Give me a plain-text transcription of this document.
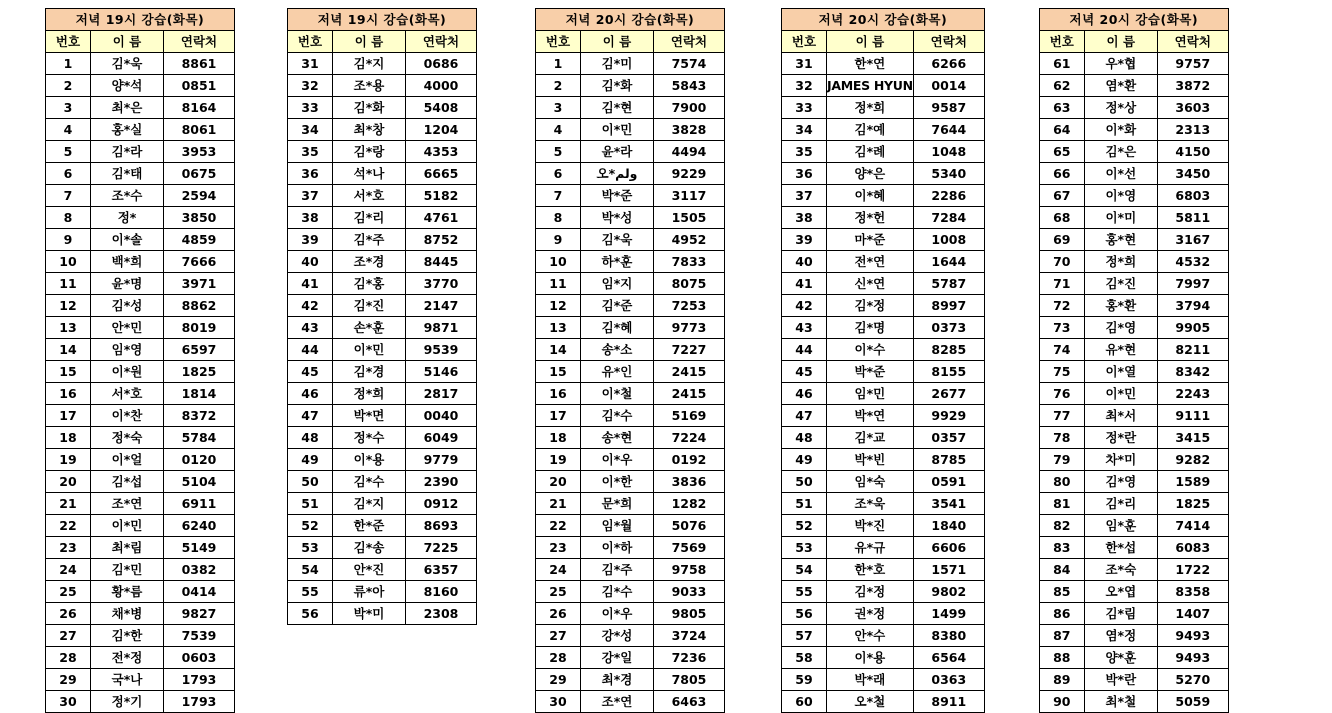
저녁 19시 강습(화목)		
번호	이 름	연락처
1	김*욱	8861
2	양*석	0851
3	최*은	8164
4	홍*실	8061
5	김*라	3953
6	김*태	0675
7	조*수	2594
8	정*	3850
9	이*솔	4859
10	백*희	7666
11	윤*명	3971
12	김*성	8862
13	안*민	8019
14	임*영	6597
15	이*원	1825
16	서*호	1814
17	이*찬	8372
18	정*숙	5784
19	이*얼	0120
20	김*섭	5104
21	조*연	6911
22	이*민	6240
23	최*림	5149
24	김*민	0382
25	황*름	0414
26	채*병	9827
27	김*한	7539
28	전*정	0603
29	국*나	1793
30	정*기	1793
저녁 19시 강습(화목)		
번호	이 름	연락처
31	김*지	0686
32	조*용	4000
33	김*화	5408
34	최*창	1204
35	김*랑	4353
36	석*나	6665
37	서*호	5182
38	김*리	4761
39	김*주	8752
40	조*경	8445
41	김*홍	3770
42	김*진	2147
43	손*훈	9871
44	이*민	9539
45	김*경	5146
46	정*희	2817
47	박*면	0040
48	정*수	6049
49	이*용	9779
50	김*수	2390
51	김*지	0912
52	한*준	8693
53	김*송	7225
54	안*진	6357
55	류*아	8160
56	박*미	2308
저녁 20시 강습(화목)		
번호	이 름	연락처
1	김*미	7574
2	김*화	5843
3	김*현	7900
4	이*민	3828
5	윤*라	4494
6	오*ولم	9229
7	박*준	3117
8	박*성	1505
9	김*욱	4952
10	하*훈	7833
11	임*지	8075
12	김*준	7253
13	김*혜	9773
14	송*소	7227
15	유*인	2415
16	이*철	2415
17	김*수	5169
18	송*현	7224
19	이*우	0192
20	이*한	3836
21	문*희	1282
22	임*월	5076
23	이*하	7569
24	김*주	9758
25	김*수	9033
26	이*우	9805
27	강*성	3724
28	강*일	7236
29	최*경	7805
30	조*연	6463
저녁 20시 강습(화목)		
번호	이 름	연락처
31	한*연	6266
32	JAMES HYUN	0014
33	정*희	9587
34	김*예	7644
35	김*례	1048
36	양*은	5340
37	이*혜	2286
38	정*헌	7284
39	마*준	1008
40	전*연	1644
41	신*연	5787
42	김*정	8997
43	김*명	0373
44	이*수	8285
45	박*준	8155
46	임*민	2677
47	박*연	9929
48	김*교	0357
49	박*빈	8785
50	임*숙	0591
51	조*욱	3541
52	박*진	1840
53	유*규	6606
54	한*호	1571
55	김*정	9802
56	권*정	1499
57	안*수	8380
58	이*용	6564
59	박*래	0363
60	오*철	8911
저녁 20시 강습(화목)		
번호	이 름	연락처
61	우*협	9757
62	염*환	3872
63	정*상	3603
64	이*화	2313
65	김*은	4150
66	이*선	3450
67	이*영	6803
68	이*미	5811
69	홍*현	3167
70	정*희	4532
71	김*진	7997
72	홍*환	3794
73	김*영	9905
74	유*현	8211
75	이*열	8342
76	이*민	2243
77	최*서	9111
78	정*란	3415
79	차*미	9282
80	김*영	1589
81	김*리	1825
82	임*훈	7414
83	한*섭	6083
84	조*숙	1722
85	오*엽	8358
86	김*림	1407
87	염*정	9493
88	양*훈	9493
89	박*란	5270
90	최*철	5059
